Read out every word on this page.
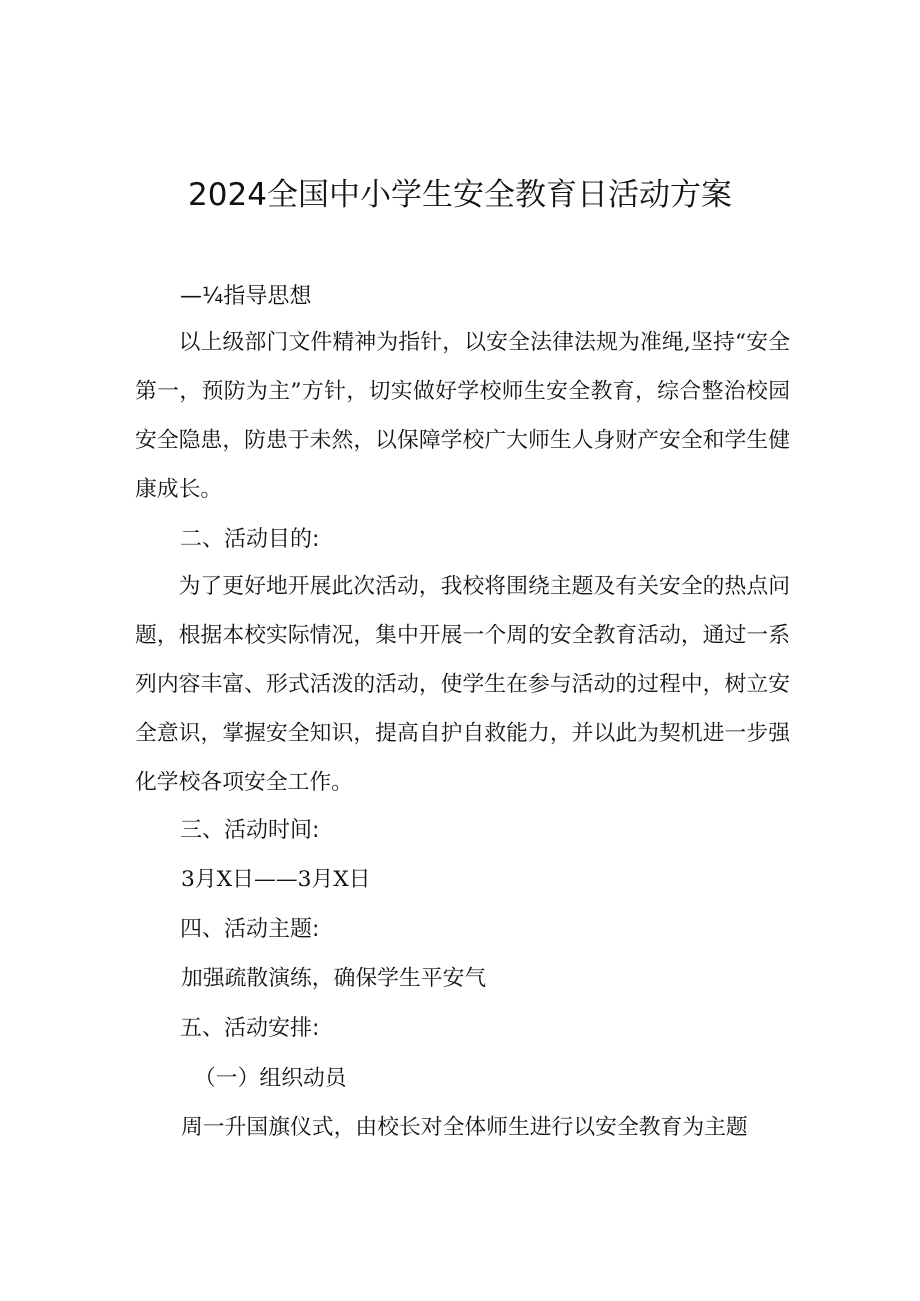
2024全国中小学生安全教育日活动方案
—¼指导思想

以上级部门文件精神为指针，以安全法律法规为准绳,坚持“安全第一，预防为主”方针，切实做好学校师生安全教育，综合整治校园安全隐患，防患于未然，以保障学校广大师生人身财产安全和学生健康成长。

二、活动目的:

为了更好地开展此次活动，我校将围绕主题及有关安全的热点问题，根据本校实际情况，集中开展一个周的安全教育活动，通过一系列内容丰富、形式活泼的活动，使学生在参与活动的过程中，树立安全意识，掌握安全知识，提高自护自救能力，并以此为契机进一步强化学校各项安全工作。

三、活动时间:

3月X日——3月X日

四、活动主题:

加强疏散演练，确保学生平安气

五、活动安排:

（一）组织动员

周一升国旗仪式，由校长对全体师生进行以安全教育为主题
